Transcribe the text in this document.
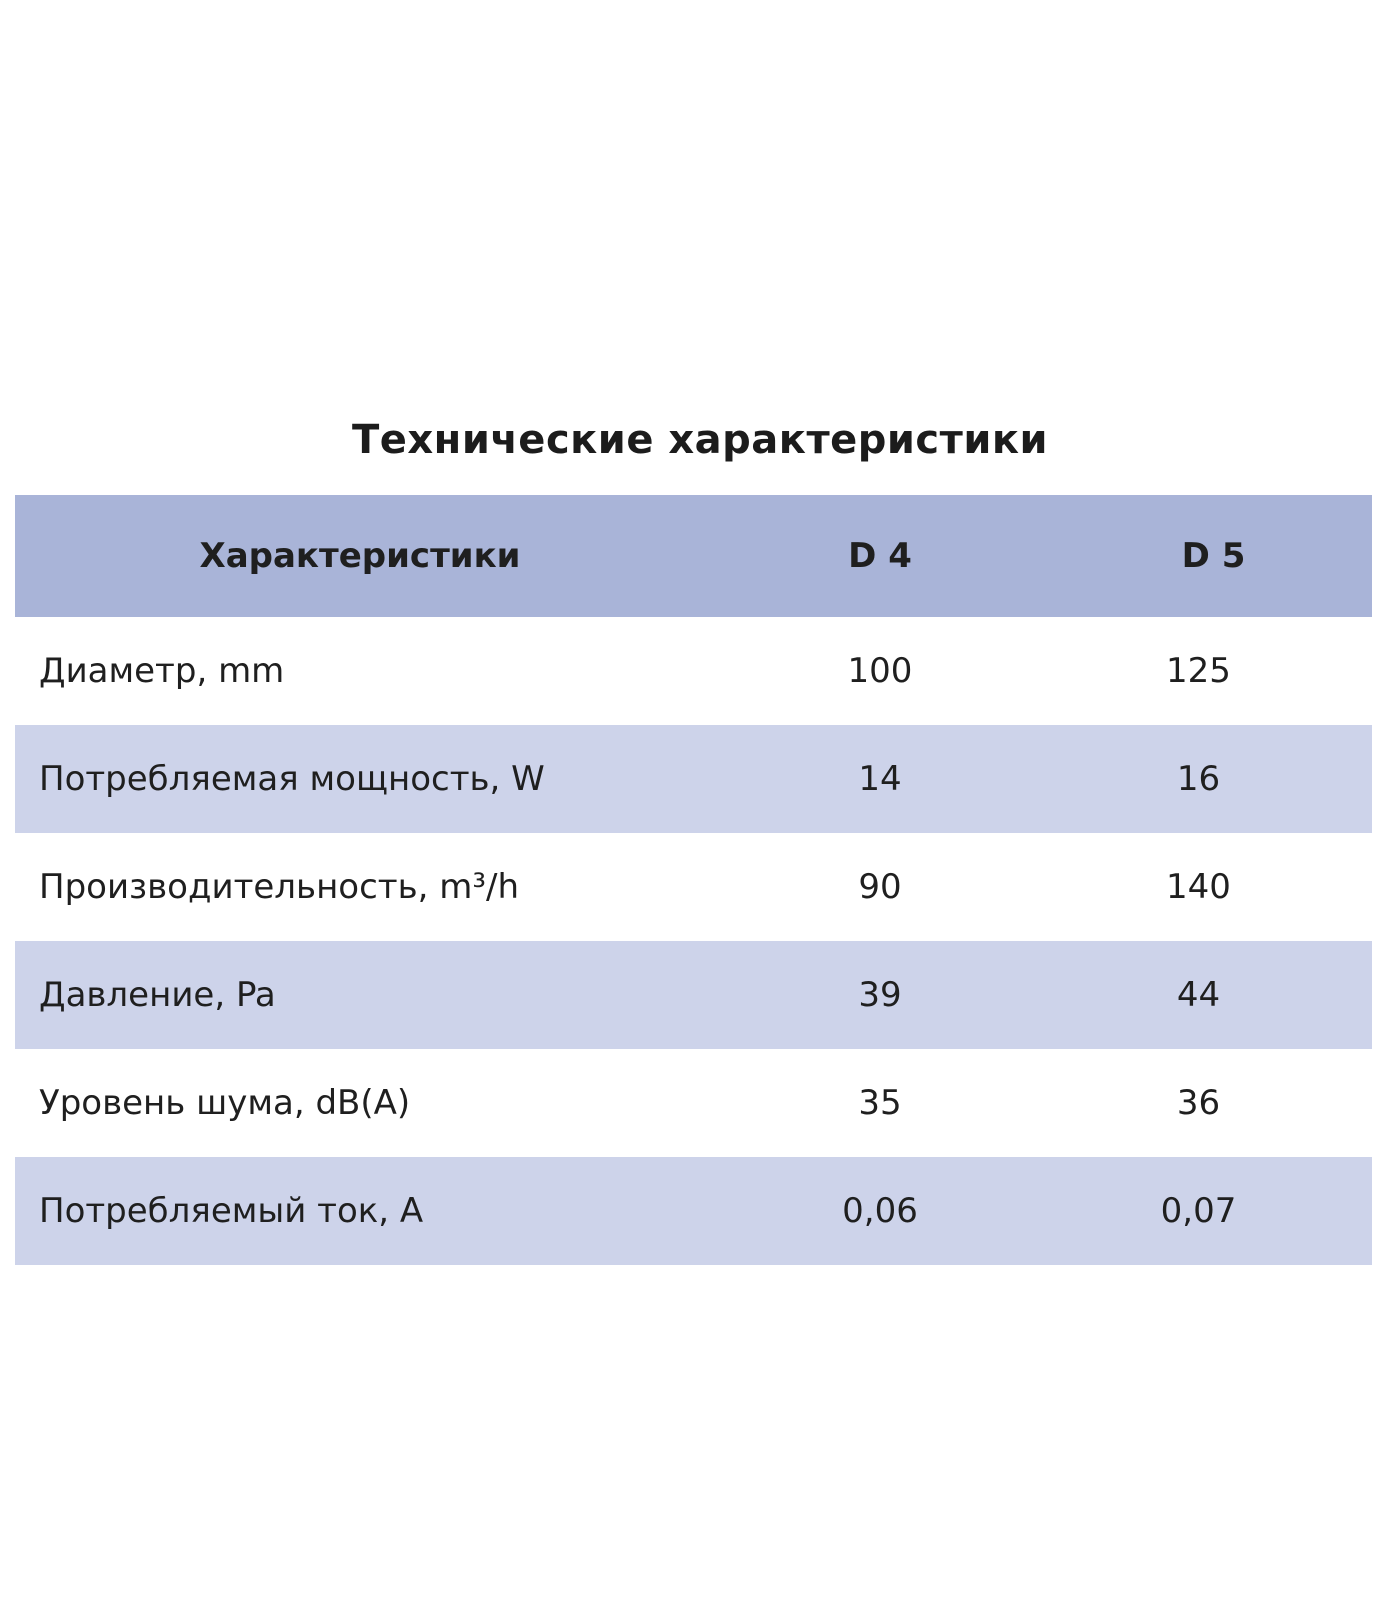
Технические характеристики
Характеристики	D 4	D 5
Диаметр, mm	100	125
Потребляемая мощность, W	14	16
Производительность, m³/h	90	140
Давление, Pa	39	44
Уровень шума, dB(A)	35	36
Потребляемый ток, А	0,06	0,07
